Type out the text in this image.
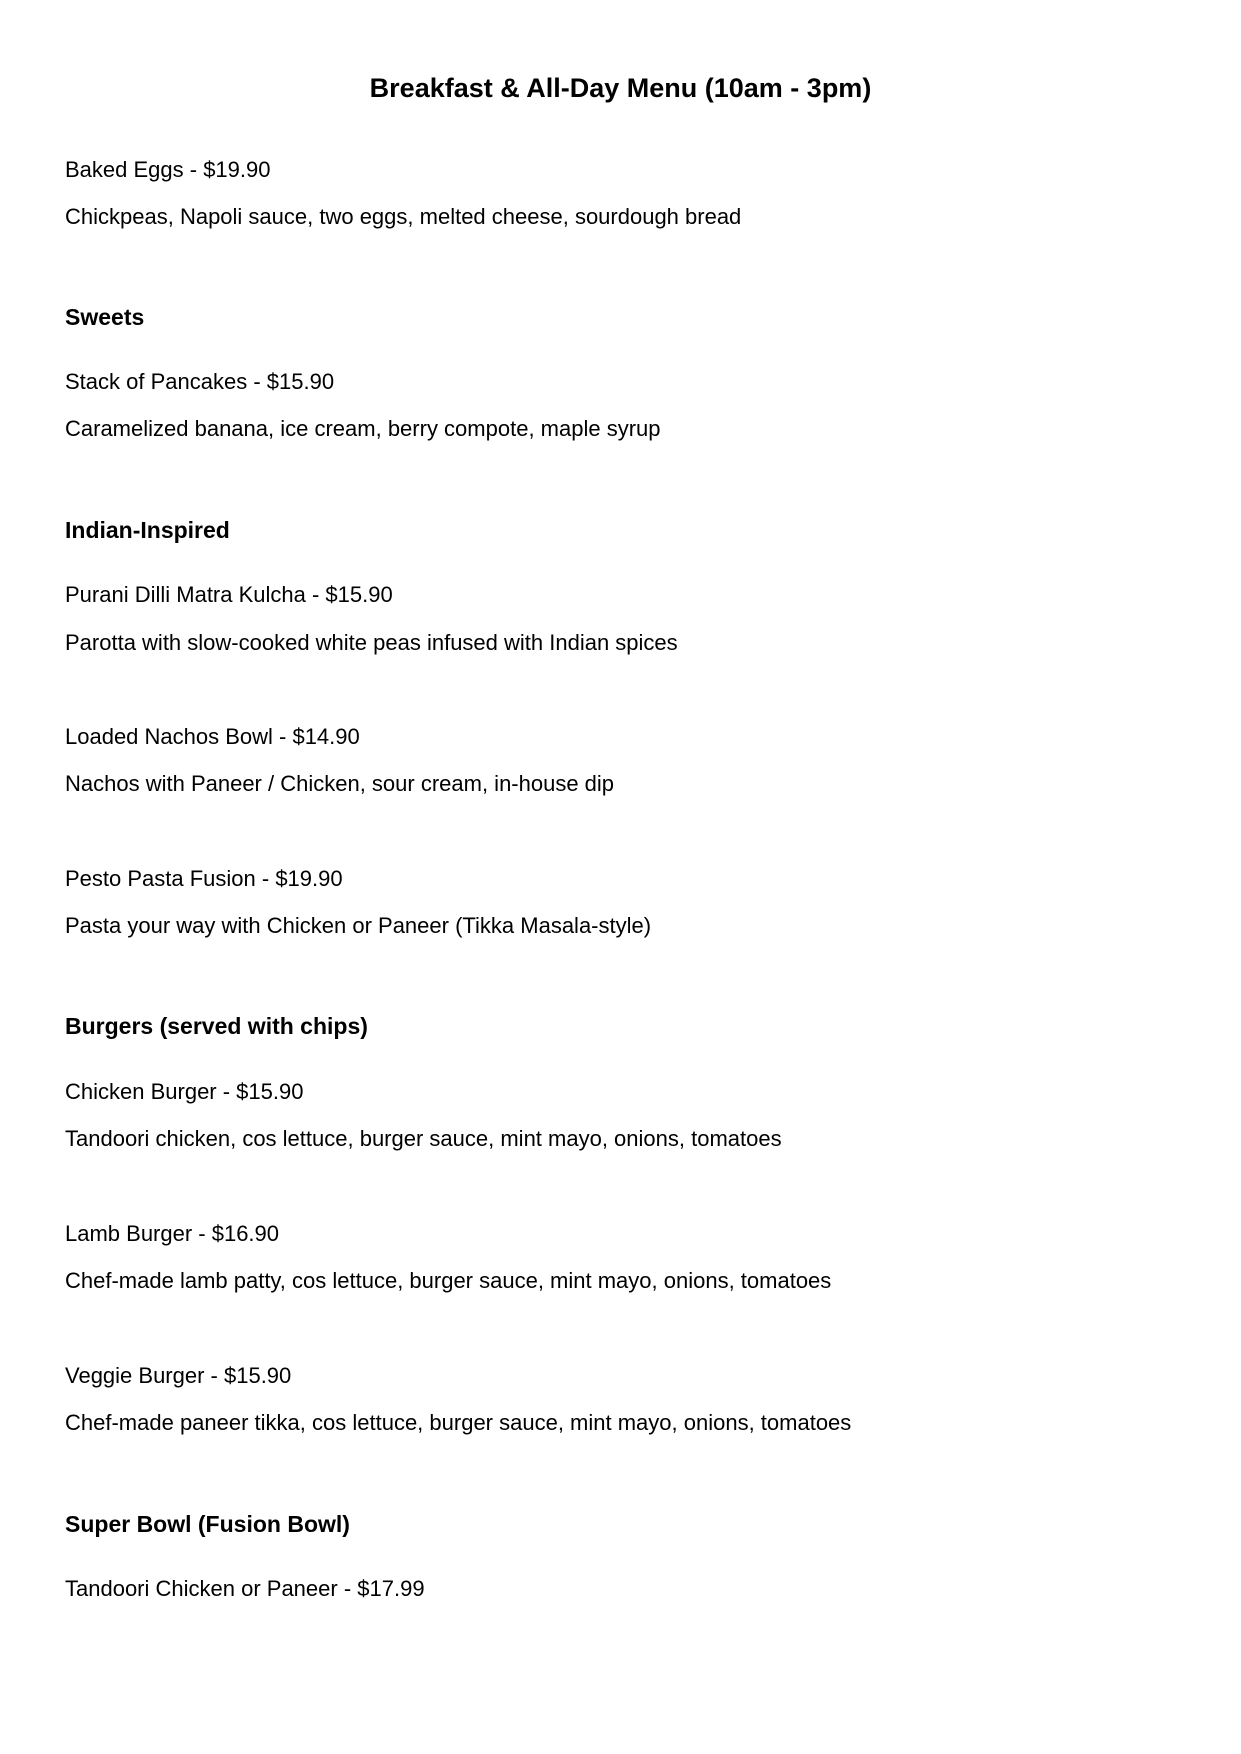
Breakfast & All-Day Menu (10am - 3pm)

Baked Eggs - $19.90

Chickpeas, Napoli sauce, two eggs, melted cheese, sourdough bread

Sweets

Stack of Pancakes - $15.90

Caramelized banana, ice cream, berry compote, maple syrup

Indian-Inspired

Purani Dilli Matra Kulcha - $15.90

Parotta with slow-cooked white peas infused with Indian spices

Loaded Nachos Bowl - $14.90

Nachos with Paneer / Chicken, sour cream, in-house dip

Pesto Pasta Fusion - $19.90

Pasta your way with Chicken or Paneer (Tikka Masala-style)

Burgers (served with chips)

Chicken Burger - $15.90

Tandoori chicken, cos lettuce, burger sauce, mint mayo, onions, tomatoes

Lamb Burger - $16.90

Chef-made lamb patty, cos lettuce, burger sauce, mint mayo, onions, tomatoes

Veggie Burger - $15.90

Chef-made paneer tikka, cos lettuce, burger sauce, mint mayo, onions, tomatoes

Super Bowl (Fusion Bowl)

Tandoori Chicken or Paneer - $17.99
